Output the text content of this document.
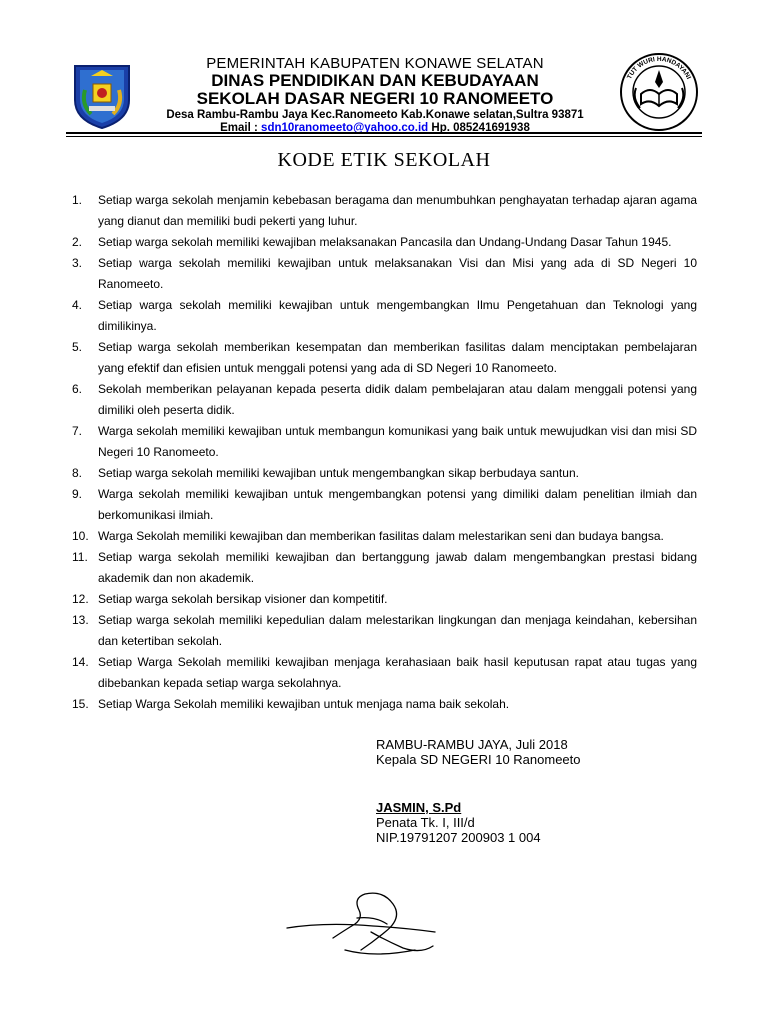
PEMERINTAH KABUPATEN KONAWE SELATAN
DINAS PENDIDIKAN DAN KEBUDAYAAN
SEKOLAH DASAR NEGERI 10 RANOMEETO
Desa Rambu-Rambu Jaya Kec.Ranomeeto Kab.Konawe selatan,Sultra 93871
Email : sdn10ranomeeto@yahoo.co.id Hp. 085241691938
TUT WURI HANDAYANI
KODE ETIK SEKOLAH
1.	Setiap warga sekolah menjamin kebebasan beragama dan menumbuhkan penghayatan terhadap ajaran agama yang dianut dan memiliki budi pekerti yang luhur.
2.	Setiap warga sekolah memiliki kewajiban melaksanakan Pancasila dan Undang-Undang Dasar Tahun 1945.
3.	Setiap warga sekolah memiliki kewajiban untuk melaksanakan Visi dan Misi yang ada di SD Negeri 10 Ranomeeto.
4.	Setiap warga sekolah memiliki kewajiban untuk mengembangkan Ilmu Pengetahuan dan Teknologi yang dimilikinya.
5.	Setiap warga sekolah memberikan kesempatan dan memberikan fasilitas dalam menciptakan pembelajaran yang efektif dan efisien untuk menggali potensi yang ada di SD Negeri 10 Ranomeeto.
6.	Sekolah memberikan pelayanan kepada peserta didik dalam pembelajaran atau dalam menggali potensi yang dimiliki oleh peserta didik.
7.	Warga sekolah memiliki kewajiban untuk membangun komunikasi yang baik untuk mewujudkan visi dan misi SD Negeri 10 Ranomeeto.
8.	Setiap warga sekolah memiliki kewajiban untuk mengembangkan sikap berbudaya santun.
9.	Warga sekolah memiliki kewajiban untuk mengembangkan potensi yang dimiliki dalam penelitian ilmiah dan berkomunikasi ilmiah.
10. Warga Sekolah memiliki kewajiban dan memberikan fasilitas dalam melestarikan seni dan budaya bangsa.
11. Setiap warga sekolah memiliki kewajiban dan bertanggung jawab dalam mengembangkan prestasi bidang akademik dan non akademik.
12. Setiap warga sekolah bersikap visioner dan kompetitif.
13. Setiap warga sekolah memiliki kepedulian dalam melestarikan lingkungan dan menjaga keindahan, kebersihan dan ketertiban sekolah.
14. Setiap Warga Sekolah memiliki kewajiban menjaga kerahasiaan baik hasil keputusan rapat atau tugas yang dibebankan kepada setiap warga sekolahnya.
15. Setiap Warga Sekolah memiliki kewajiban untuk menjaga nama baik sekolah.
RAMBU-RAMBU JAYA, Juli 2018
Kepala SD NEGERI 10 Ranomeeto
JASMIN, S.Pd
Penata Tk. I, III/d
NIP.19791207 200903 1 004
